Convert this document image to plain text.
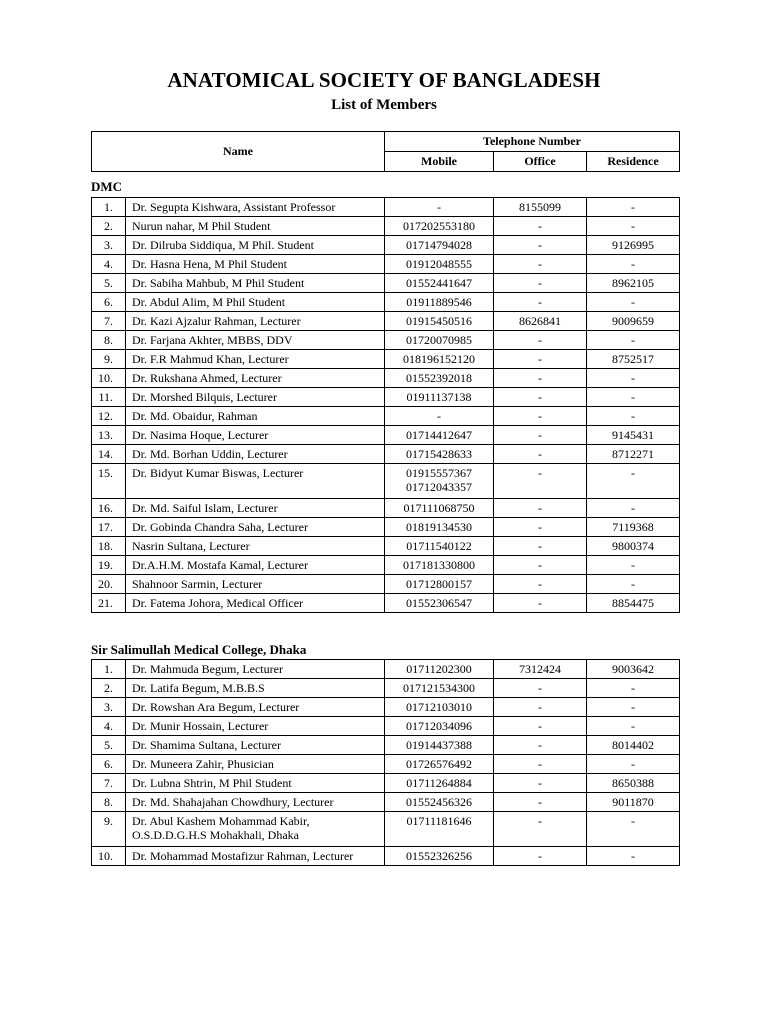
ANATOMICAL SOCIETY OF BANGLADESH
List of Members
Name	Telephone Number		
	Mobile	Office	Residence
DMC
1.	Dr. Segupta Kishwara, Assistant Professor	-	8155099	-

2.	Nurun nahar, M Phil Student	017202553180	-	-

3.	Dr. Dilruba Siddiqua, M Phil. Student	01714794028	-	9126995

4.	Dr. Hasna Hena, M Phil Student	01912048555	-	-

5.	Dr. Sabiha Mahbub, M Phil Student	01552441647	-	8962105

6.	Dr. Abdul Alim, M Phil Student	01911889546	-	-

7.	Dr. Kazi Ajzalur Rahman, Lecturer	01915450516	8626841	9009659

8.	Dr. Farjana Akhter, MBBS, DDV	01720070985	-	-

9.	Dr. F.R Mahmud Khan, Lecturer	018196152120	-	8752517

10.	Dr. Rukshana Ahmed, Lecturer	01552392018	-	-

11.	Dr. Morshed Bilquis, Lecturer	01911137138	-	-

12.	Dr. Md. Obaidur, Rahman	-	-	-

13.	Dr. Nasima Hoque, Lecturer	01714412647	-	9145431

14.	Dr. Md. Borhan Uddin, Lecturer	01715428633	-	8712271

15.	Dr. Bidyut Kumar Biswas, Lecturer	01915557367
01712043357	-	-

16.	Dr. Md. Saiful Islam, Lecturer	017111068750	-	-

17.	Dr. Gobinda Chandra Saha, Lecturer	01819134530	-	7119368

18.	Nasrin Sultana, Lecturer	01711540122	-	9800374

19.	Dr.A.H.M. Mostafa Kamal, Lecturer	017181330800	-	-

20.	Shahnoor Sarmin, Lecturer	01712800157	-	-

21.	Dr. Fatema Johora, Medical Officer	01552306547	-	8854475
Sir Salimullah Medical College, Dhaka
1.	Dr. Mahmuda Begum, Lecturer	01711202300	7312424	9003642

2.	Dr. Latifa Begum, M.B.B.S	017121534300	-	-

3.	Dr. Rowshan Ara Begum, Lecturer	01712103010	-	-

4.	Dr. Munir Hossain, Lecturer	01712034096	-	-

5.	Dr. Shamima Sultana, Lecturer	01914437388	-	8014402

6.	Dr. Muneera Zahir, Phusician	01726576492	-	-

7.	Dr. Lubna Shtrin, M Phil Student	01711264884	-	8650388

8.	Dr. Md. Shahajahan Chowdhury, Lecturer	01552456326	-	9011870

9.	Dr. Abul Kashem Mohammad Kabir,
O.S.D.D.G.H.S Mohakhali, Dhaka	01711181646	-	-

10.	Dr. Mohammad Mostafizur Rahman, Lecturer	01552326256	-	-
